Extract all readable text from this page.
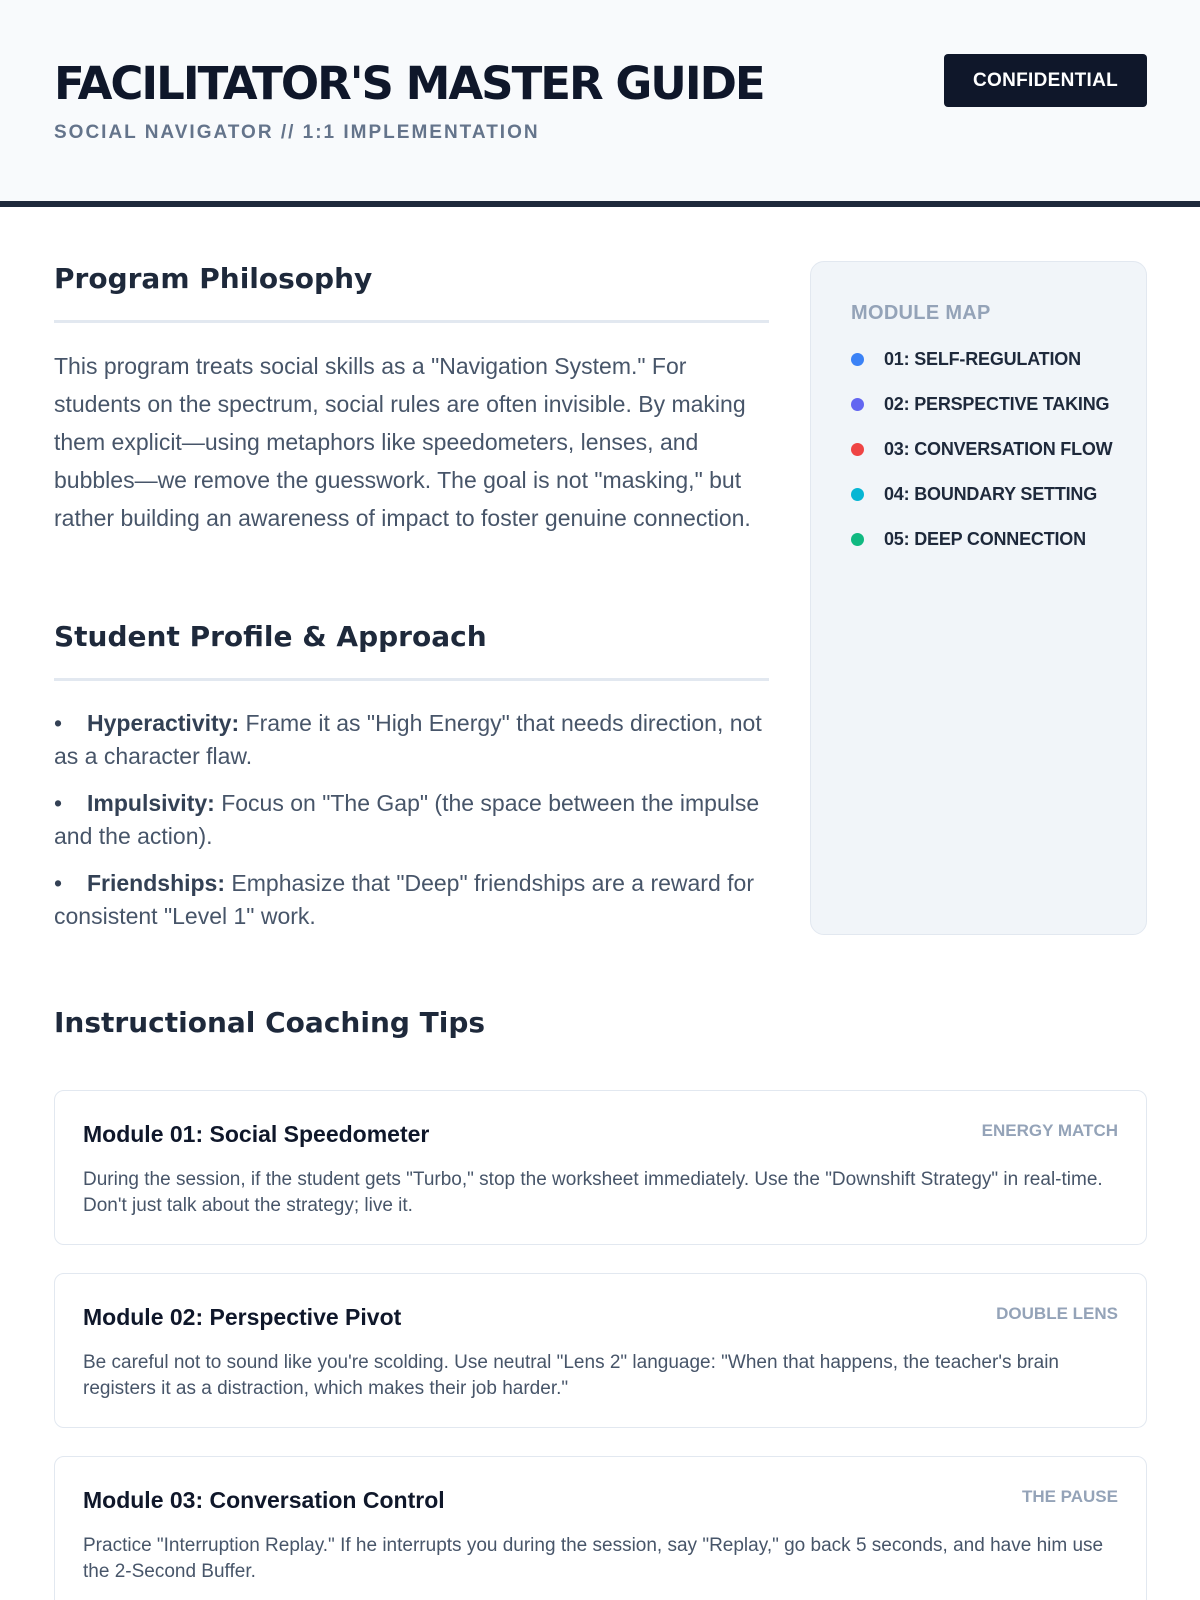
FACILITATOR'S MASTER GUIDE
SOCIAL NAVIGATOR // 1:1 IMPLEMENTATION
CONFIDENTIAL
Program Philosophy

This program treats social skills as a "Navigation System." For students on the spectrum, social rules are often invisible. By making them explicit—using metaphors like speedometers, lenses, and bubbles—we remove the guesswork. The goal is not "masking," but rather building an awareness of impact to foster genuine connection.

Student Profile & Approach
• Hyperactivity: Frame it as "High Energy" that needs direction, not as a character flaw.
• Impulsivity: Focus on "The Gap" (the space between the impulse and the action).
• Friendships: Emphasize that "Deep" friendships are a reward for consistent "Level 1" work.
MODULE MAP
01: SELF-REGULATION
02: PERSPECTIVE TAKING
03: CONVERSATION FLOW
04: BOUNDARY SETTING
05: DEEP CONNECTION
Instructional Coaching Tips
Module 01: Social Speedometer	ENERGY MATCH
During the session, if the student gets "Turbo," stop the worksheet immediately. Use the "Downshift Strategy" in real-time. Don't just talk about the strategy; live it.
Module 02: Perspective Pivot	DOUBLE LENS
Be careful not to sound like you're scolding. Use neutral "Lens 2" language: "When that happens, the teacher's brain registers it as a distraction, which makes their job harder."
Module 03: Conversation Control	THE PAUSE
Practice "Interruption Replay." If he interrupts you during the session, say "Replay," go back 5 seconds, and have him use the 2-Second Buffer.
